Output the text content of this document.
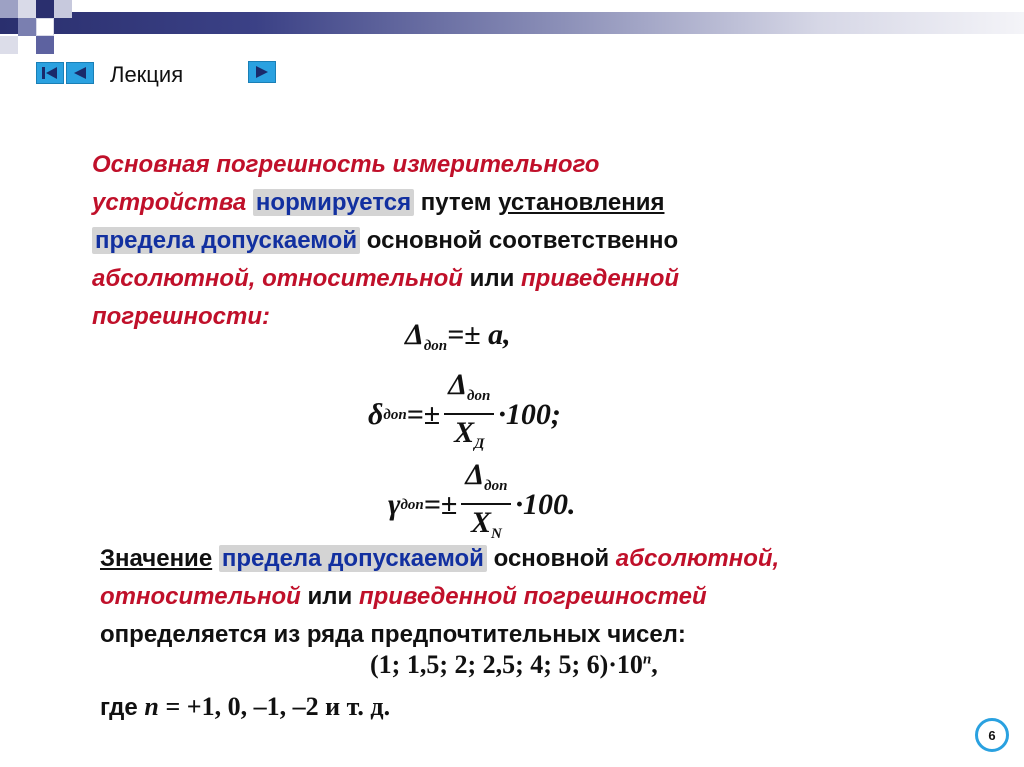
Лекция
Основная погрешность измерительного
устройства нормируется путем установления
предела допускаемой основной соответственно
абсолютной, относительной или приведенной
погрешности:
$\Delta_{доп}=\pm a$,
δ доп =± $\frac{\Delta_{доп}}{X_Д} \cdot 100$;
γ доп =± $\frac{\Delta_{доп}}{X_N} \cdot 100$.
Значение предела допускаемой основной абсолютной,
относительной или приведенной погрешностей
определяется из ряда предпочтительных чисел:
(1; 1,5; 2; 2,5; 4; 5; $6)\cdot 10^n$,
где n = +1, 0, –1, –2 и т. д.
6
